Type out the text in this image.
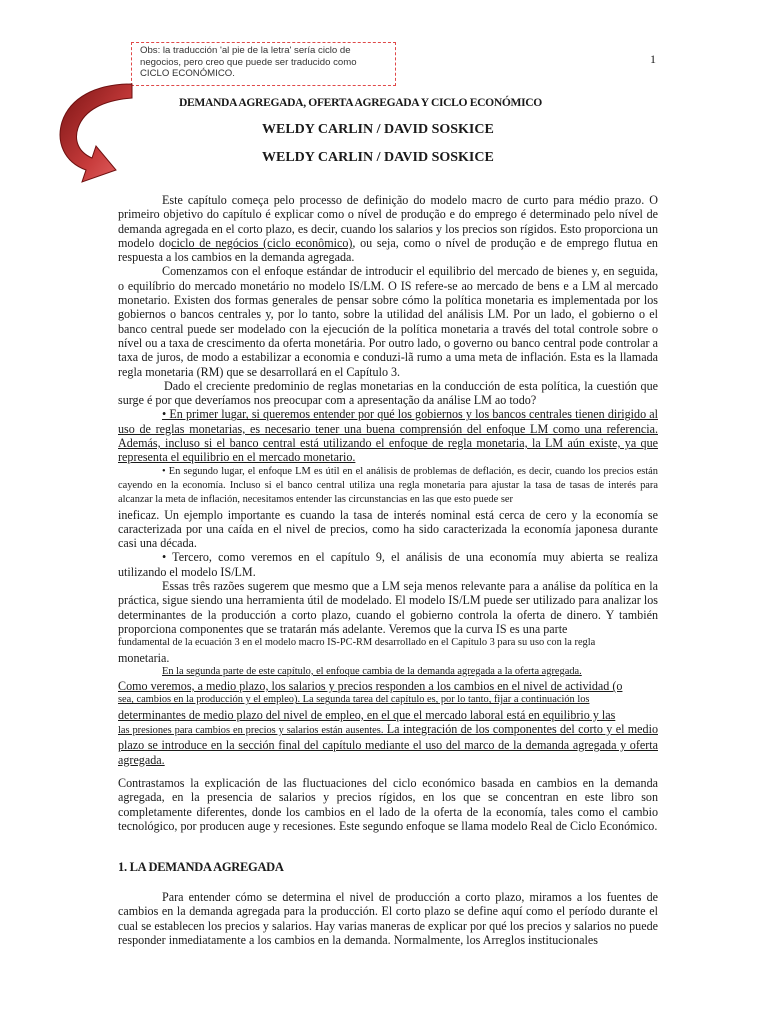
Obs: la traducción 'al pie de la letra' sería ciclo de negocios, pero creo que puede ser traducido como CICLO ECONÓMICO.
1
DEMANDA AGREGADA, OFERTA AGREGADA Y CICLO ECONÓMICO
WELDY CARLIN / DAVID SOSKICE
WELDY CARLIN / DAVID SOSKICE

Este capítulo começa pelo processo de definição do modelo macro de curto para médio prazo. O primeiro objetivo do capítulo é explicar como o nível de produção e do emprego é determinado pelo nível de demanda agregada en el corto plazo, es decir, cuando los salarios y los precios son rígidos. Esto proporciona un modelo dociclo de negócios (ciclo econômico), ou seja, como o nível de produção e de emprego flutua en respuesta a los cambios en la demanda agregada.

Comenzamos con el enfoque estándar de introducir el equilibrio del mercado de bienes y, en seguida, o equilíbrio do mercado monetário no modelo IS/LM. O IS refere-se ao mercado de bens e a LM al mercado monetario. Existen dos formas generales de pensar sobre cómo la política monetaria es implementada por los gobiernos o bancos centrales y, por lo tanto, sobre la utilidad del análisis LM. Por un lado, el gobierno o el banco central puede ser modelado con la ejecución de la política monetaria a través del total controle sobre o nível ou a taxa de crescimento da oferta monetária. Por outro lado, o governo ou banco central pode controlar a taxa de juros, de modo a estabilizar a economia e conduzi-lã rumo a uma meta de inflación. Esta es la llamada regla monetaria (RM) que se desarrollará en el Capítulo 3.

Dado el creciente predominio de reglas monetarias en la conducción de esta política, la cuestión que surge é por que deveríamos nos preocupar com a apresentação da análise LM ao todo?

• En primer lugar, si queremos entender por qué los gobiernos y los bancos centrales tienen dirigido al uso de reglas monetarias, es necesario tener una buena comprensión del enfoque LM como una referencia. Además, incluso si el banco central está utilizando el enfoque de regla monetaria, la LM aún existe, ya que representa el equilibrio en el mercado monetario.

• En segundo lugar, el enfoque LM es útil en el análisis de problemas de deflación, es decir, cuando los precios están cayendo en la economía. Incluso si el banco central utiliza una regla monetaria para ajustar la tasa de tasas de interés para alcanzar la meta de inflación, necesitamos entender las circunstancias en las que esto puede ser

ineficaz. Un ejemplo importante es cuando la tasa de interés nominal está cerca de cero y la economía se caracterizada por una caída en el nivel de precios, como ha sido caracterizada la economía japonesa durante casi una década.

• Tercero, como veremos en el capítulo 9, el análisis de una economía muy abierta se realiza utilizando el modelo IS/LM.

Essas três razões sugerem que mesmo que a LM seja menos relevante para a análise da política en la práctica, sigue siendo una herramienta útil de modelado. El modelo IS/LM puede ser utilizado para analizar los determinantes de la producción a corto plazo, cuando el gobierno controla la oferta de dinero. Y también proporciona componentes que se tratarán más adelante. Veremos que la curva IS es una parte

fundamental de la ecuación 3 en el modelo macro IS-PC-RM desarrollado en el Capítulo 3 para su uso con la regla

monetaria.

En la segunda parte de este capítulo, el enfoque cambia de la demanda agregada a la oferta agregada.

Como veremos, a medio plazo, los salarios y precios responden a los cambios en el nivel de actividad (o

sea, cambios en la producción y el empleo). La segunda tarea del capítulo es, por lo tanto, fijar a continuación los

determinantes de medio plazo del nivel de empleo, en el que el mercado laboral está en equilibrio y las

las presiones para cambios en precios y salarios están ausentes. La integración de los componentes del corto y el medio plazo se introduce en la sección final del capítulo mediante el uso del marco de la demanda agregada y oferta agregada.

Contrastamos la explicación de las fluctuaciones del ciclo económico basada en cambios en la demanda agregada, en la presencia de salarios y precios rígidos, en los que se concentran en este libro son completamente diferentes, donde los cambios en el lado de la oferta de la economía, tales como el cambio tecnológico, por producen auge y recesiones. Este segundo enfoque se llama modelo Real de Ciclo Económico.

1. LA DEMANDA AGREGADA

Para entender cómo se determina el nivel de producción a corto plazo, miramos a los fuentes de cambios en la demanda agregada para la producción. El corto plazo se define aquí como el período durante el cual se establecen los precios y salarios. Hay varias maneras de explicar por qué los precios y salarios no puede responder inmediatamente a los cambios en la demanda. Normalmente, los Arreglos institucionales
